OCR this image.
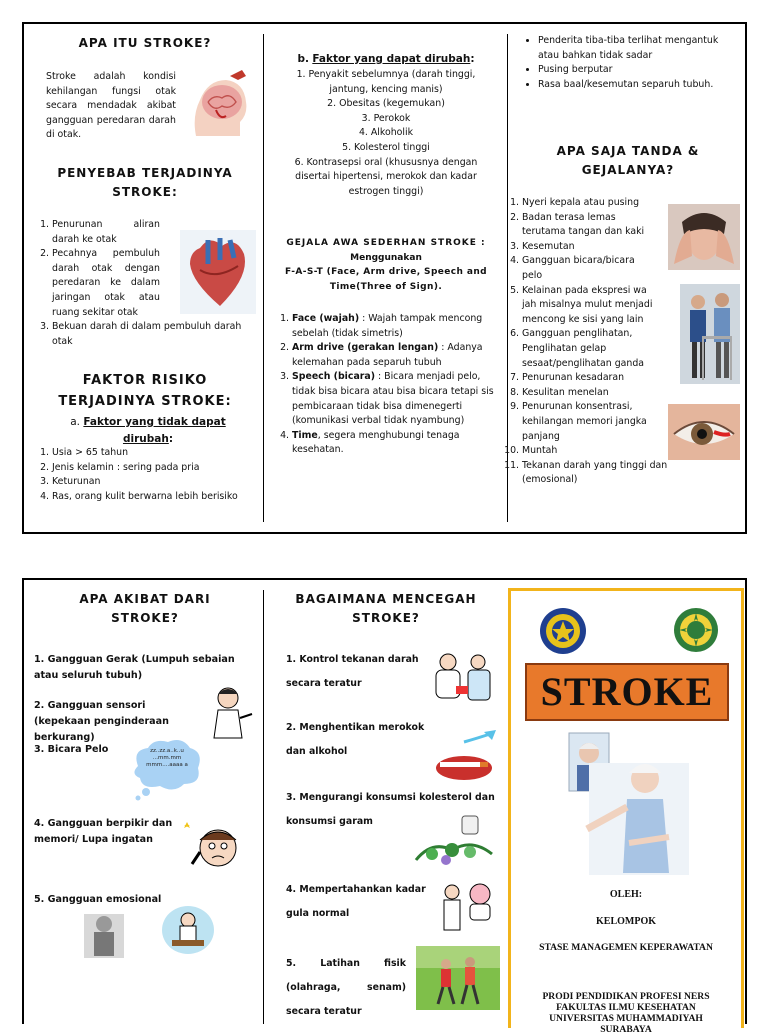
APA ITU STROKE?
Stroke adalah kondisi kehilangan fungsi otak secara mendadak akibat gangguan peredaran darah di otak.
PENYEBAB TERJADINYA
STROKE:
1. Penurunan aliran darah ke otak
2. Pecahnya pembuluh darah otak dengan peredaran ke dalam jaringan otak atau ruang sekitar otak
3. Bekuan darah di dalam pembuluh darah otak
FAKTOR RISIKO
TERJADINYA STROKE:
a. Faktor yang tidak dapat dirubah:
1. Usia > 65 tahun
2. Jenis kelamin : sering pada pria
3. Keturunan
4. Ras, orang kulit berwarna lebih berisiko
b. Faktor yang dapat dirubah:
1. Penyakit sebelumnya (darah tinggi, jantung, kencing manis)
2. Obesitas (kegemukan)
3. Perokok
4. Alkoholik
5. Kolesterol tinggi
6. Kontrasepsi oral (khususnya dengan disertai hipertensi, merokok dan kadar estrogen tinggi)
GEJALA AWA SEDERHAN STROKE :
Menggunakan
F-A-S-T (Face, Arm drive, Speech and Time(Three of Sign).
1. Face (wajah) : Wajah tampak mencong sebelah (tidak simetris)
2. Arm drive (gerakan lengan) : Adanya kelemahan pada separuh tubuh
3. Speech (bicara) : Bicara menjadi pelo, tidak bisa bicara atau bisa bicara tetapi sis pembicaraan tidak bisa dimenegerti (komunikasi verbal tidak nyambung)
4. Time, segera menghubungi tenaga kesehatan.
• Penderita tiba-tiba terlihat mengantuk atau bahkan tidak sadar
• Pusing berputar
• Rasa baal/kesemutan separuh tubuh.
APA SAJA TANDA &
GEJALANYA?
1. Nyeri kepala atau pusing
2. Badan terasa lemas terutama tangan dan kaki
3. Kesemutan
4. Gangguan bicara/bicara pelo
5. Kelainan pada ekspresi wa jah misalnya mulut menjadi mencong ke sisi yang lain
6. Gangguan penglihatan, Penglihatan gelap sesaat/penglihatan ganda
7. Penurunan kesadaran
8. Kesulitan menelan
9. Penurunan konsentrasi, kehilangan memori jangka panjang
10. Muntah
11. Tekanan darah yang tinggi dan (emosional)
APA AKIBAT DARI
STROKE?
1. Gangguan Gerak (Lumpuh sebaian atau seluruh tubuh)
2. Gangguan sensori (kepekaan penginderaan berkurang)
3. Bicara Pelo
4. Gangguan berpikir dan memori/ Lupa ingatan
5. Gangguan emosional
zz..zz.a..k..u ...mm.mm mmm....aaaa a
BAGAIMANA MENCEGAH
STROKE?
1. Kontrol tekanan darah secara teratur
2. Menghentikan merokok dan alkohol
3. Mengurangi konsumsi kolesterol dan konsumsi garam
4. Mempertahankan kadar gula normal
5.	Latihan fisik (olahraga, senam) secara teratur
STROKE
OLEH:
KELOMPOK
STASE MANAGEMEN KEPERAWATAN
PRODI PENDIDIKAN PROFESI NERS
FAKULTAS ILMU KESEHATAN
UNIVERSITAS MUHAMMADIYAH
SURABAYA
